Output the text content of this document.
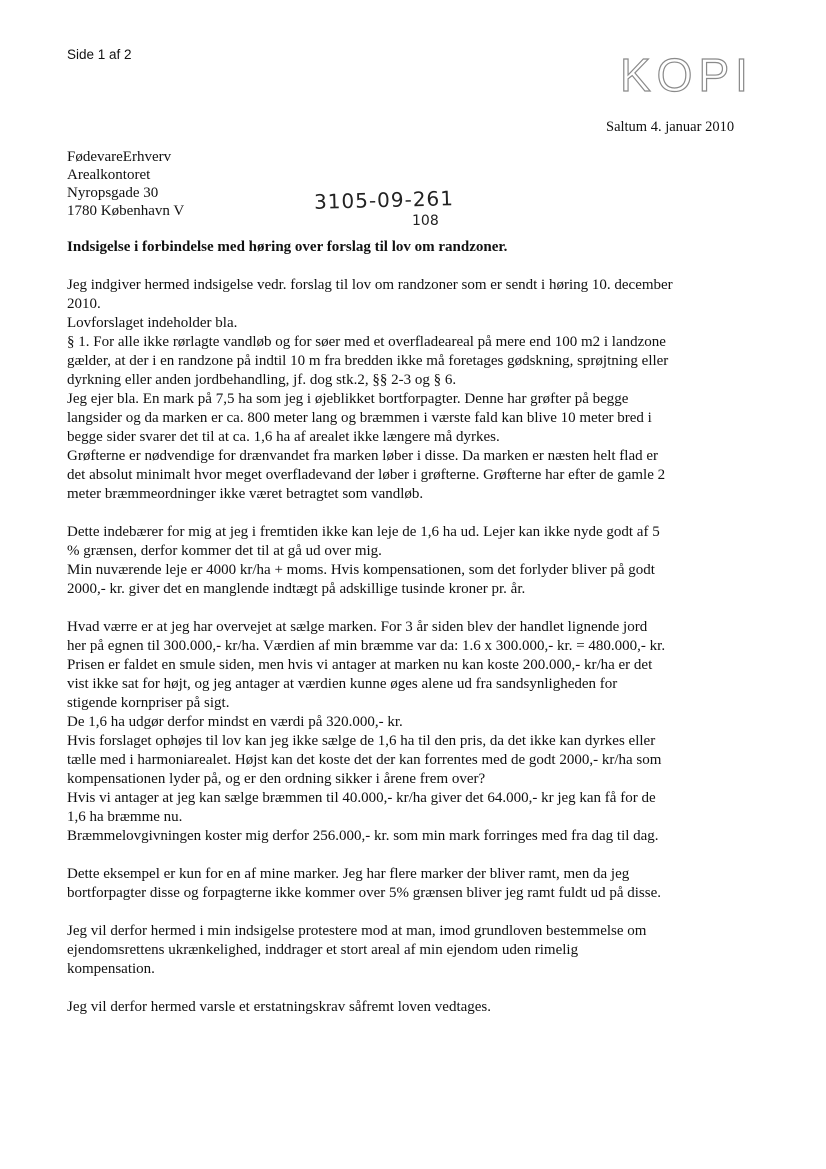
Side 1 af 2	KOPI
Saltum 4. januar 2010
FødevareErhverv
Arealkontoret
Nyropsgade 30
1780 København V	3105-09-261
108
Indsigelse i forbindelse med høring over forslag til lov om randzoner.
Jeg indgiver hermed indsigelse vedr. forslag til lov om randzoner som er sendt i høring 10. december
2010.
Lovforslaget indeholder bla.
§ 1. For alle ikke rørlagte vandløb og for søer med et overfladeareal på mere end 100 m2 i landzone
gælder, at der i en randzone på indtil 10 m fra bredden ikke må foretages gødskning, sprøjtning eller
dyrkning eller anden jordbehandling, jf. dog stk.2, §§ 2-3 og § 6.
Jeg ejer bla. En mark på 7,5 ha som jeg i øjeblikket bortforpagter. Denne har grøfter på begge
langsider og da marken er ca. 800 meter lang og bræmmen i værste fald kan blive 10 meter bred i
begge sider svarer det til at ca. 1,6 ha af arealet ikke længere må dyrkes.
Grøfterne er nødvendige for drænvandet fra marken løber i disse. Da marken er næsten helt flad er
det absolut minimalt hvor meget overfladevand der løber i grøfterne. Grøfterne har efter de gamle 2
meter bræmmeordninger ikke været betragtet som vandløb.
Dette indebærer for mig at jeg i fremtiden ikke kan leje de 1,6 ha ud. Lejer kan ikke nyde godt af 5
% grænsen, derfor kommer det til at gå ud over mig.
Min nuværende leje er 4000 kr/ha + moms. Hvis kompensationen, som det forlyder bliver på godt
2000,- kr. giver det en manglende indtægt på adskillige tusinde kroner pr. år.
Hvad værre er at jeg har overvejet at sælge marken. For 3 år siden blev der handlet lignende jord
her på egnen til 300.000,- kr/ha. Værdien af min bræmme var da: 1.6 x 300.000,- kr. = 480.000,- kr.
Prisen er faldet en smule siden, men hvis vi antager at marken nu kan koste 200.000,- kr/ha er det
vist ikke sat for højt, og jeg antager at værdien kunne øges alene ud fra sandsynligheden for
stigende kornpriser på sigt.
De 1,6 ha udgør derfor mindst en værdi på 320.000,- kr.
Hvis forslaget ophøjes til lov kan jeg ikke sælge de 1,6 ha til den pris, da det ikke kan dyrkes eller
tælle med i harmoniarealet. Højst kan det koste det der kan forrentes med de godt 2000,- kr/ha som
kompensationen lyder på, og er den ordning sikker i årene frem over?
Hvis vi antager at jeg kan sælge bræmmen til 40.000,- kr/ha giver det 64.000,- kr jeg kan få for de
1,6 ha bræmme nu.
Bræmmelovgivningen koster mig derfor 256.000,- kr. som min mark forringes med fra dag til dag.
Dette eksempel er kun for en af mine marker. Jeg har flere marker der bliver ramt, men da jeg
bortforpagter disse og forpagterne ikke kommer over 5% grænsen bliver jeg ramt fuldt ud på disse.
Jeg vil derfor hermed i min indsigelse protestere mod at man, imod grundloven bestemmelse om
ejendomsrettens ukrænkelighed, inddrager et stort areal af min ejendom uden rimelig
kompensation.
Jeg vil derfor hermed varsle et erstatningskrav såfremt loven vedtages.
